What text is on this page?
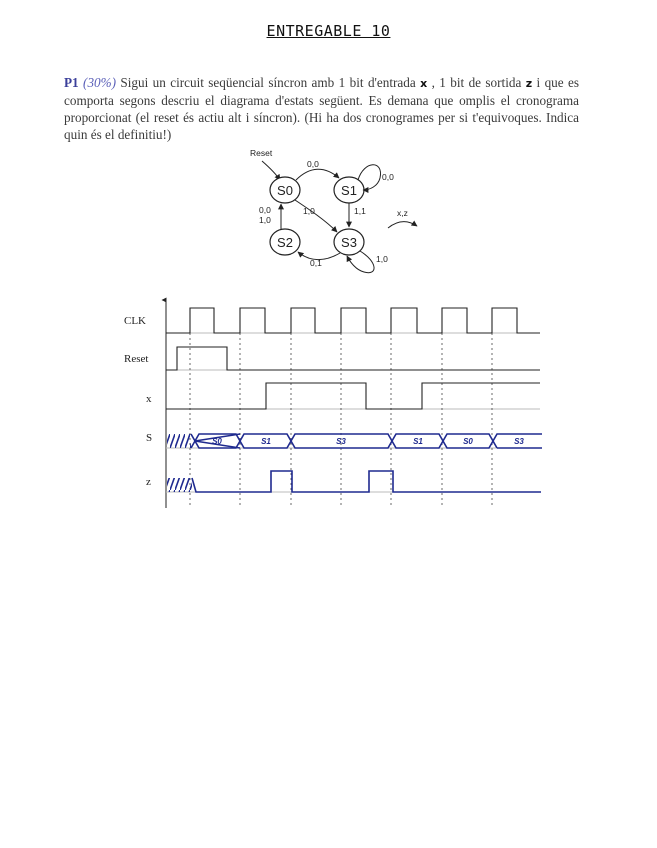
ENTREGABLE 10
P1 (30%) Sigui un circuit seqüencial síncron amb 1 bit d'entrada x , 1 bit de sortida z i que es comporta segons descriu el diagrama d'estats següent. Es demana que omplis el cronograma proporcionat (el reset és actiu alt i síncron). (Hi ha dos cronogrames per si t'equivoques. Indica quin és el definitiu!)
Reset
S0	S1
S2	S3
0,0
0,0
1,1
1,0
1,0
0,1
0,0 1,0
x,z
CLK
Reset
x
S
z
S0	S1	S3	S1	S0	S3
